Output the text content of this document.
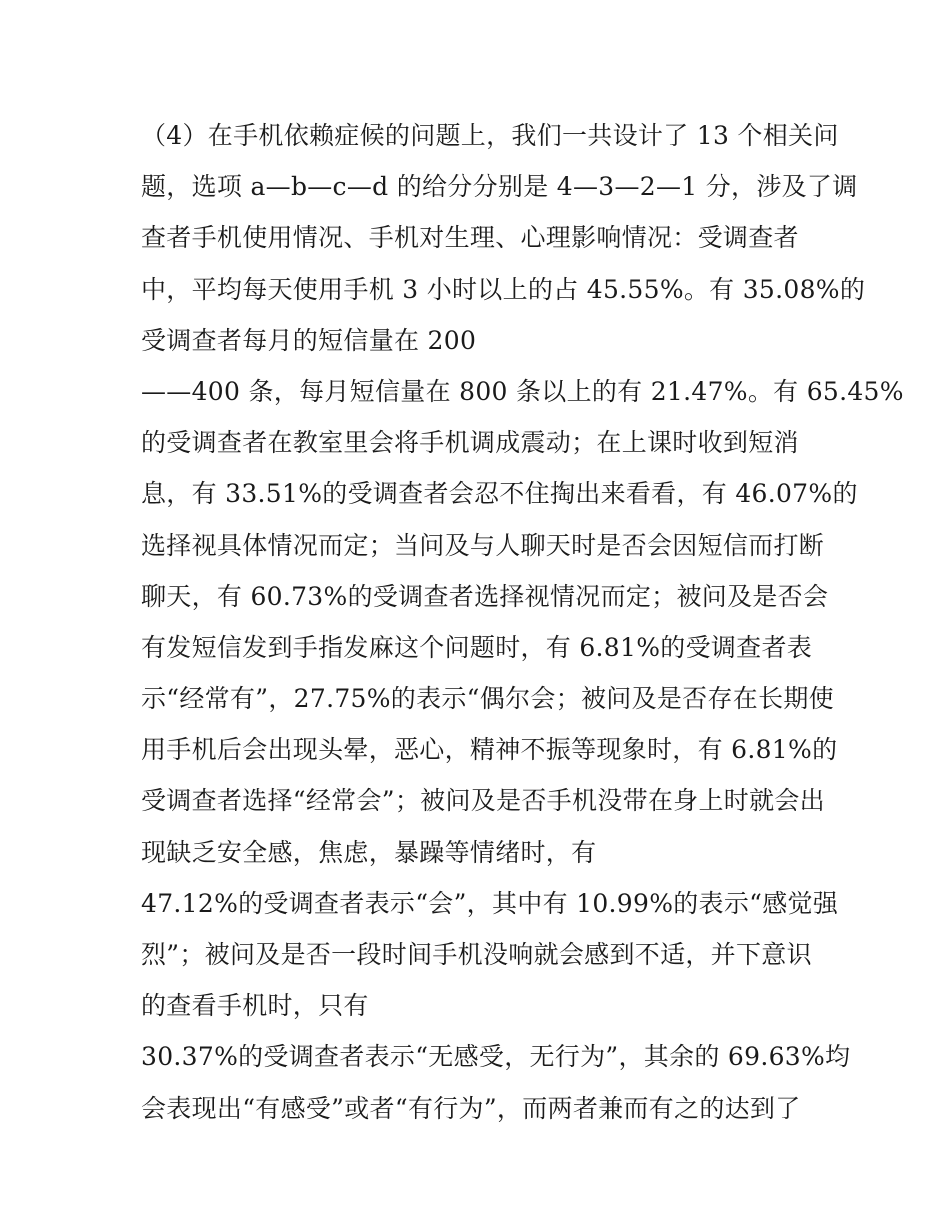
（4）在手机依赖症候的问题上，我们一共设计了 13 个相关问
题，选项 a—b—c—d 的给分分别是 4—3—2—1 分，涉及了调
查者手机使用情况、手机对生理、心理影响情况：受调查者
中，平均每天使用手机 3 小时以上的占 45.55%。有 35.08%的
受调查者每月的短信量在 200
——400 条，每月短信量在 800 条以上的有 21.47%。有 65.45%
的受调查者在教室里会将手机调成震动；在上课时收到短消
息，有 33.51%的受调查者会忍不住掏出来看看，有 46.07%的
选择视具体情况而定；当问及与人聊天时是否会因短信而打断
聊天，有 60.73%的受调查者选择视情况而定；被问及是否会
有发短信发到手指发麻这个问题时，有 6.81%的受调查者表
示“经常有”，27.75%的表示“偶尔会；被问及是否存在长期使
用手机后会出现头晕，恶心，精神不振等现象时，有 6.81%的
受调查者选择“经常会”；被问及是否手机没带在身上时就会出
现缺乏安全感，焦虑，暴躁等情绪时，有
47.12%的受调查者表示“会”，其中有 10.99%的表示“感觉强
烈”；被问及是否一段时间手机没响就会感到不适，并下意识
的查看手机时，只有
30.37%的受调查者表示“无感受，无行为”，其余的 69.63%均
会表现出“有感受”或者“有行为”，而两者兼而有之的达到了
